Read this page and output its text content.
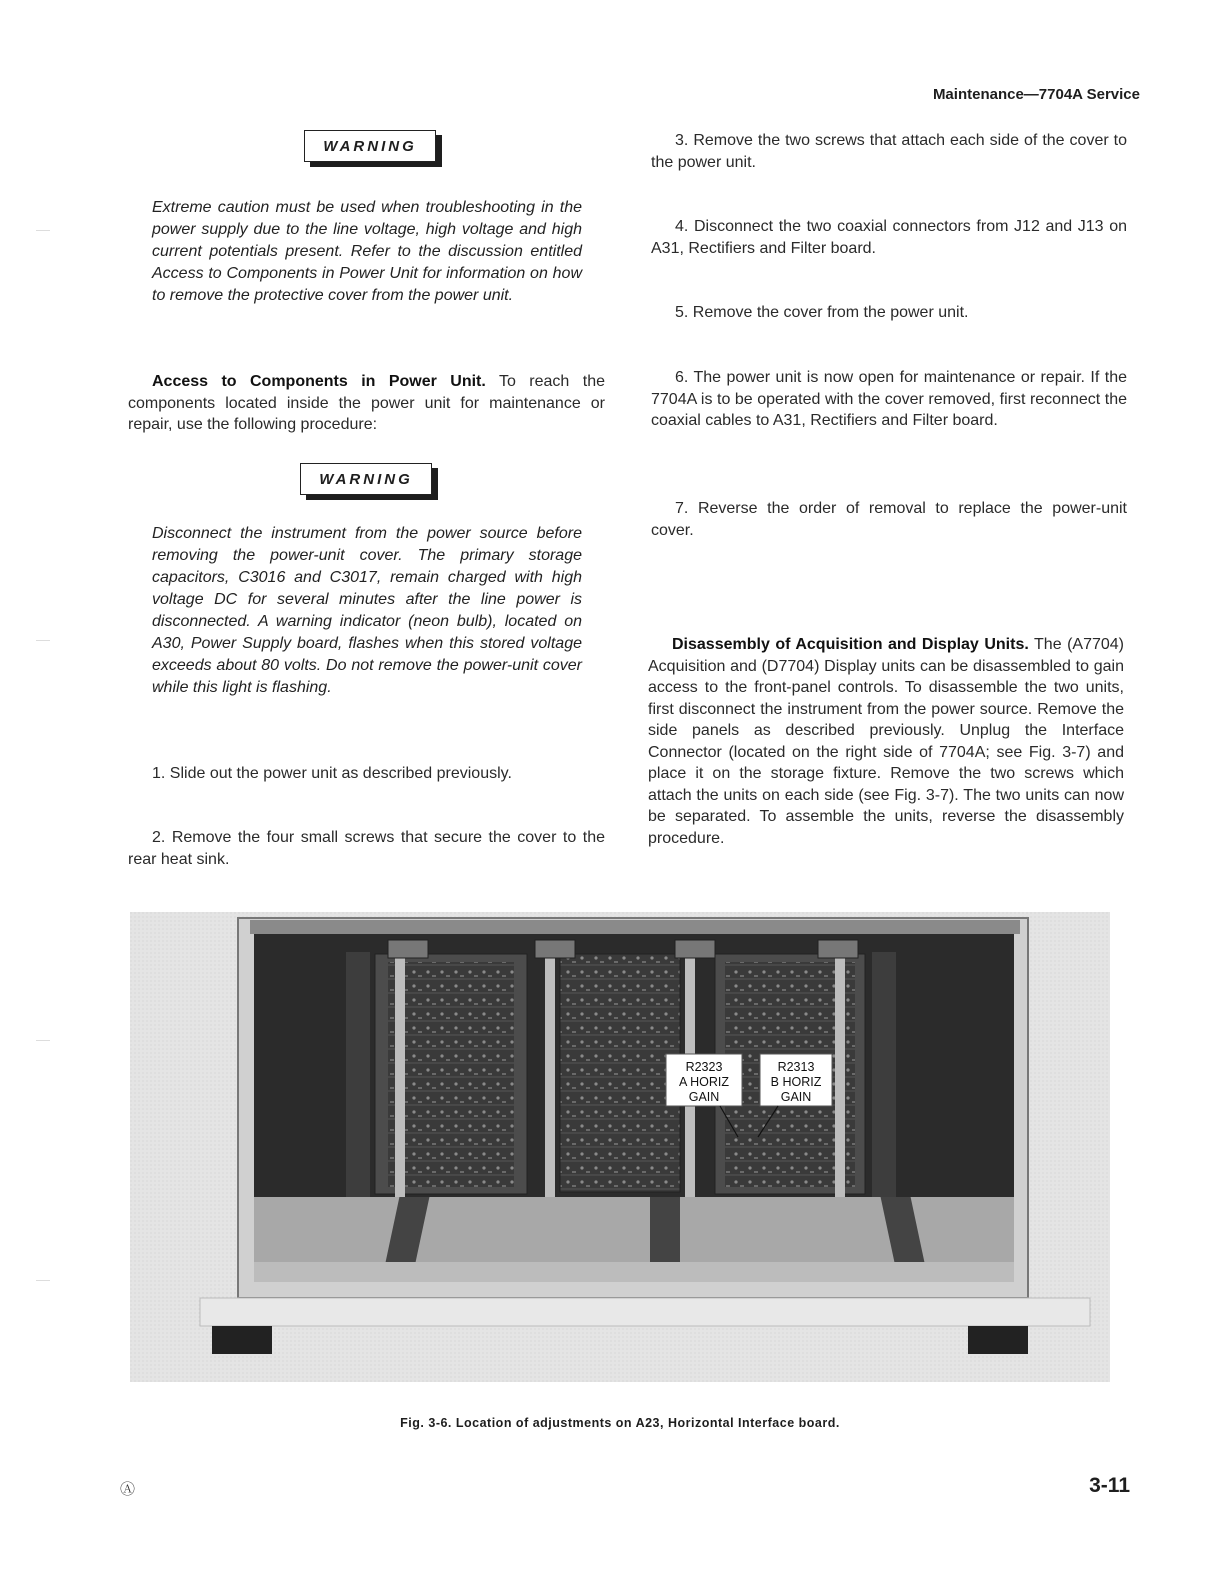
Maintenance—7704A Service
WARNING
Extreme caution must be used when troubleshooting in the power supply due to the line voltage, high voltage and high current potentials present. Refer to the discussion entitled Access to Components in Power Unit for information on how to remove the protective cover from the power unit.
Access to Components in Power Unit. To reach the components located inside the power unit for maintenance or repair, use the following procedure:
WARNING
Disconnect the instrument from the power source before removing the power-unit cover. The primary storage capacitors, C3016 and C3017, remain charged with high voltage DC for several minutes after the line power is disconnected. A warning indicator (neon bulb), located on A30, Power Supply board, flashes when this stored voltage exceeds about 80 volts. Do not remove the power-unit cover while this light is flashing.
1. Slide out the power unit as described previously.
2. Remove the four small screws that secure the cover to the rear heat sink.
3. Remove the two screws that attach each side of the cover to the power unit.
4. Disconnect the two coaxial connectors from J12 and J13 on A31, Rectifiers and Filter board.
5. Remove the cover from the power unit.
6. The power unit is now open for maintenance or repair. If the 7704A is to be operated with the cover removed, first reconnect the coaxial cables to A31, Rectifiers and Filter board.
7. Reverse the order of removal to replace the power-unit cover.
Disassembly of Acquisition and Display Units. The (A7704) Acquisition and (D7704) Display units can be disassembled to gain access to the front-panel controls. To disassemble the two units, first disconnect the instrument from the power source. Remove the side panels as described previously. Unplug the Interface Connector (located on the right side of 7704A; see Fig. 3-7) and place it on the storage fixture. Remove the two screws which attach the units on each side (see Fig. 3-7). The two units can now be separated. To assemble the units, reverse the disassembly procedure.
R2323
A HORIZ
GAIN
R2313
B HORIZ
GAIN
Fig. 3-6. Location of adjustments on A23, Horizontal Interface board.
Ⓐ	3-11
